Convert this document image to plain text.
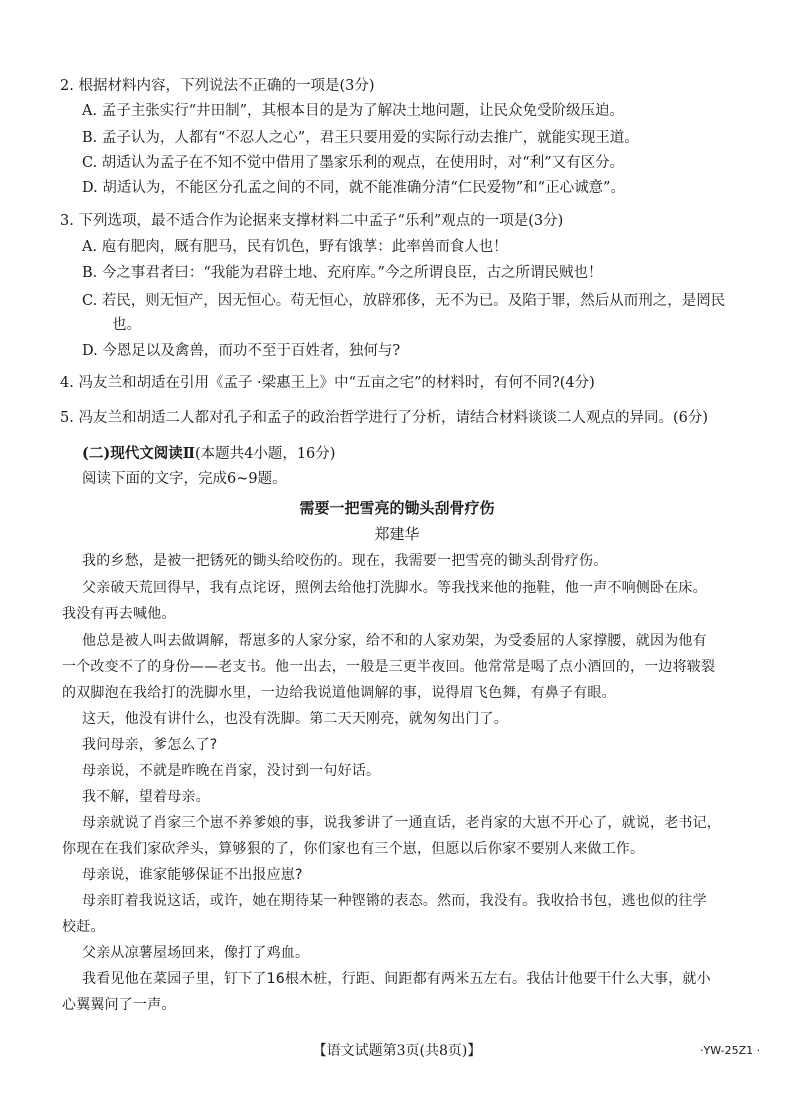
2. 根据材料内容，下列说法不正确的一项是(3分)
A. 孟子主张实行“井田制”，其根本目的是为了解决土地问题，让民众免受阶级压迫。
B. 孟子认为，人都有“不忍人之心”，君王只要用爱的实际行动去推广，就能实现王道。
C. 胡适认为孟子在不知不觉中借用了墨家乐利的观点，在使用时，对“利”又有区分。
D. 胡适认为，不能区分孔孟之间的不同，就不能准确分清“仁民爱物”和“正心诚意”。
3. 下列选项，最不适合作为论据来支撑材料二中孟子“乐利”观点的一项是(3分)
A. 庖有肥肉，厩有肥马，民有饥色，野有饿莩：此率兽而食人也！
B. 今之事君者曰：“我能为君辟土地、充府库。”今之所谓良臣，古之所谓民贼也！
C. 若民，则无恒产，因无恒心。苟无恒心，放辟邪侈，无不为已。及陷于罪，然后从而刑之，是罔民
也。
D. 今恩足以及禽兽，而功不至于百姓者，独何与?
4. 冯友兰和胡适在引用《孟子 ·梁惠王上》中“五亩之宅”的材料时，有何不同?(4分)
5. 冯友兰和胡适二人都对孔子和孟子的政治哲学进行了分析，请结合材料谈谈二人观点的异同。(6分)
(二)现代文阅读Ⅱ(本题共4小题，16分)
阅读下面的文字，完成6~9题。
需要一把雪亮的锄头刮骨疗伤
郑建华
我的乡愁，是被一把锈死的锄头给咬伤的。现在，我需要一把雪亮的锄头刮骨疗伤。
父亲破天荒回得早，我有点诧讶，照例去给他打洗脚水。等我找来他的拖鞋，他一声不响侧卧在床。
我没有再去喊他。
他总是被人叫去做调解，帮崽多的人家分家，给不和的人家劝架，为受委屈的人家撑腰，就因为他有
一个改变不了的身份——老支书。他一出去，一般是三更半夜回。他常常是喝了点小酒回的，一边将皲裂
的双脚泡在我给打的洗脚水里，一边给我说道他调解的事，说得眉飞色舞，有鼻子有眼。
这天，他没有讲什么，也没有洗脚。第二天天刚亮，就匆匆出门了。
我问母亲，爹怎么了?
母亲说，不就是昨晚在肖家，没讨到一句好话。
我不解，望着母亲。
母亲就说了肖家三个崽不养爹娘的事，说我爹讲了一通直话，老肖家的大崽不开心了，就说，老书记，
你现在在我们家砍斧头，算够狠的了，你们家也有三个崽，但愿以后你家不要别人来做工作。
母亲说，谁家能够保证不出报应崽?
母亲盯着我说这话，或许，她在期待某一种铿锵的表态。然而，我没有。我收拾书包，逃也似的往学
校赶。
父亲从凉薯屋场回来，像打了鸡血。
我看见他在菜园子里，钉下了16根木桩，行距、间距都有两米五左右。我估计他要干什么大事，就小
心翼翼问了一声。
【语文试题第3页(共8页)】	·YW-25Z1 ·
